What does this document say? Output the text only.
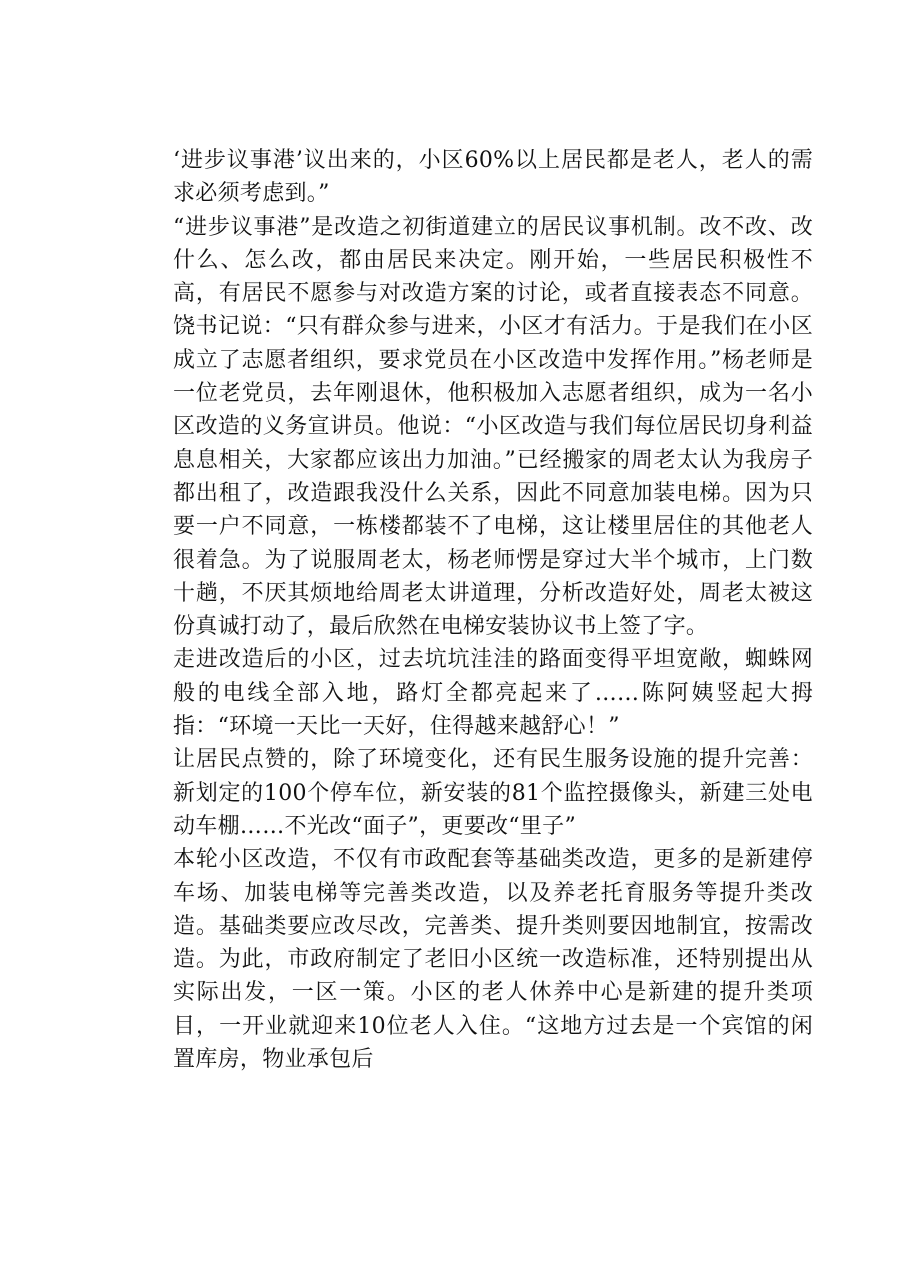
‘进步议事港’议出来的，小区60%以上居民都是老人，老人的需求必须考虑到。”

“进步议事港”是改造之初街道建立的居民议事机制。改不改、改什么、怎么改，都由居民来决定。刚开始，一些居民积极性不高，有居民不愿参与对改造方案的讨论，或者直接表态不同意。饶书记说：“只有群众参与进来，小区才有活力。于是我们在小区成立了志愿者组织，要求党员在小区改造中发挥作用。”杨老师是一位老党员，去年刚退休，他积极加入志愿者组织，成为一名小区改造的义务宣讲员。他说：“小区改造与我们每位居民切身利益息息相关，大家都应该出力加油。”已经搬家的周老太认为我房子都出租了，改造跟我没什么关系，因此不同意加装电梯。因为只要一户不同意，一栋楼都装不了电梯，这让楼里居住的其他老人很着急。为了说服周老太，杨老师愣是穿过大半个城市，上门数十趟，不厌其烦地给周老太讲道理，分析改造好处，周老太被这份真诚打动了，最后欣然在电梯安装协议书上签了字。

走进改造后的小区，过去坑坑洼洼的路面变得平坦宽敞，蜘蛛网般的电线全部入地，路灯全都亮起来了……陈阿姨竖起大拇指：“环境一天比一天好，住得越来越舒心！”

让居民点赞的，除了环境变化，还有民生服务设施的提升完善：新划定的100个停车位，新安装的81个监控摄像头，新建三处电动车棚……不光改“面子”，更要改“里子”

本轮小区改造，不仅有市政配套等基础类改造，更多的是新建停车场、加装电梯等完善类改造，以及养老托育服务等提升类改造。基础类要应改尽改，完善类、提升类则要因地制宜，按需改造。为此，市政府制定了老旧小区统一改造标准，还特别提出从实际出发，一区一策。小区的老人休养中心是新建的提升类项目，一开业就迎来10位老人入住。“这地方过去是一个宾馆的闲置库房，物业承包后
